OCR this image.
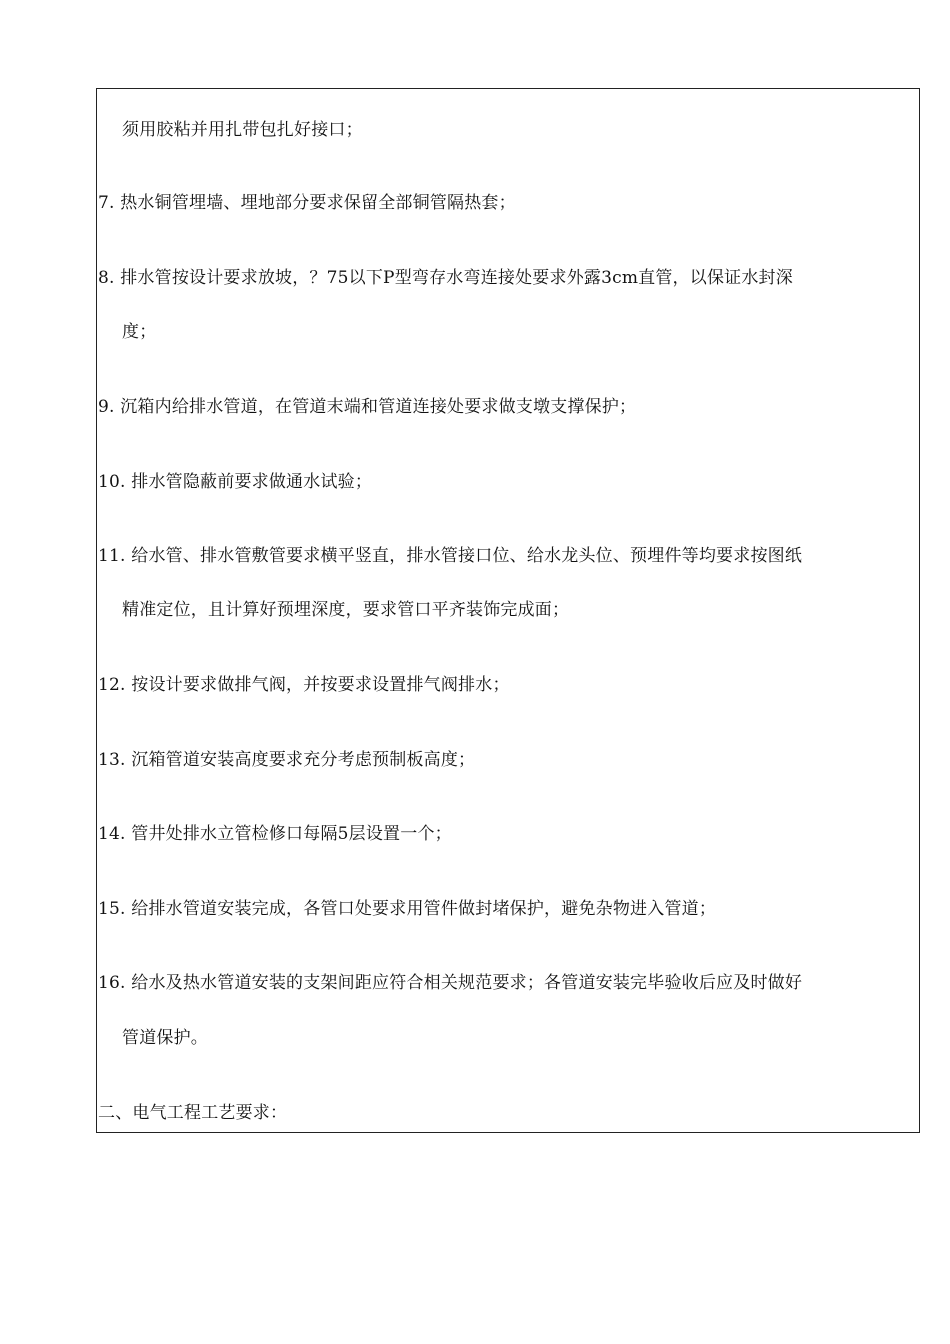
须用胶粘并用扎带包扎好接口；
7. 热水铜管埋墙、埋地部分要求保留全部铜管隔热套；
8. 排水管按设计要求放坡，？75以下P型弯存水弯连接处要求外露3cm直管，以保证水封深
度；
9. 沉箱内给排水管道，在管道末端和管道连接处要求做支墩支撑保护；
10. 排水管隐蔽前要求做通水试验；
11. 给水管、排水管敷管要求横平竖直，排水管接口位、给水龙头位、预埋件等均要求按图纸
精准定位，且计算好预埋深度，要求管口平齐装饰完成面；
12. 按设计要求做排气阀，并按要求设置排气阀排水；
13. 沉箱管道安装高度要求充分考虑预制板高度；
14. 管井处排水立管检修口每隔5层设置一个；
15. 给排水管道安装完成，各管口处要求用管件做封堵保护，避免杂物进入管道；
16. 给水及热水管道安装的支架间距应符合相关规范要求；各管道安装完毕验收后应及时做好
管道保护。
二、电气工程工艺要求：
